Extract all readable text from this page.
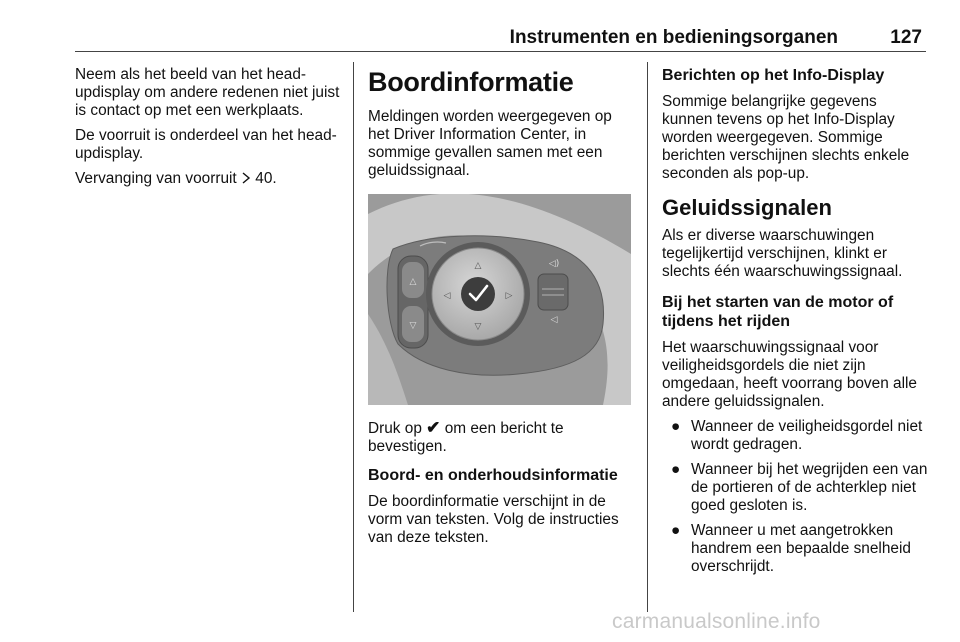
Instrumenten en bedieningsorganen	127

Neem als het beeld van het head-updisplay om andere redenen niet juist is contact op met een werkplaats.

De voorruit is onderdeel van het head-updisplay.

Vervanging van voorruit 40.

Boordinformatie

Meldingen worden weergegeven op het Driver Information Center, in sommige gevallen samen met een geluidssignaal.

△
▽
△
▽
◁	▷
◁)
◁

Druk op ✔ om een bericht te bevestigen.

Boord- en onderhoudsinformatie

De boordinformatie verschijnt in de vorm van teksten. Volg de instructies van deze teksten.

Berichten op het Info-Display

Sommige belangrijke gegevens kunnen tevens op het Info-Display worden weergegeven. Sommige berichten verschijnen slechts enkele seconden als pop-up.

Geluidssignalen

Als er diverse waarschuwingen tegelijkertijd verschijnen, klinkt er slechts één waarschuwingssignaal.

Bij het starten van de motor of tijdens het rijden

Het waarschuwingssignaal voor veiligheidsgordels die niet zijn omgedaan, heeft voorrang boven alle andere geluidssignalen.

● Wanneer de veiligheidsgordel niet wordt gedragen.
● Wanneer bij het wegrijden een van de portieren of de achterklep niet goed gesloten is.
● Wanneer u met aangetrokken handrem een bepaalde snelheid overschrijdt.
carmanualsonline.info
